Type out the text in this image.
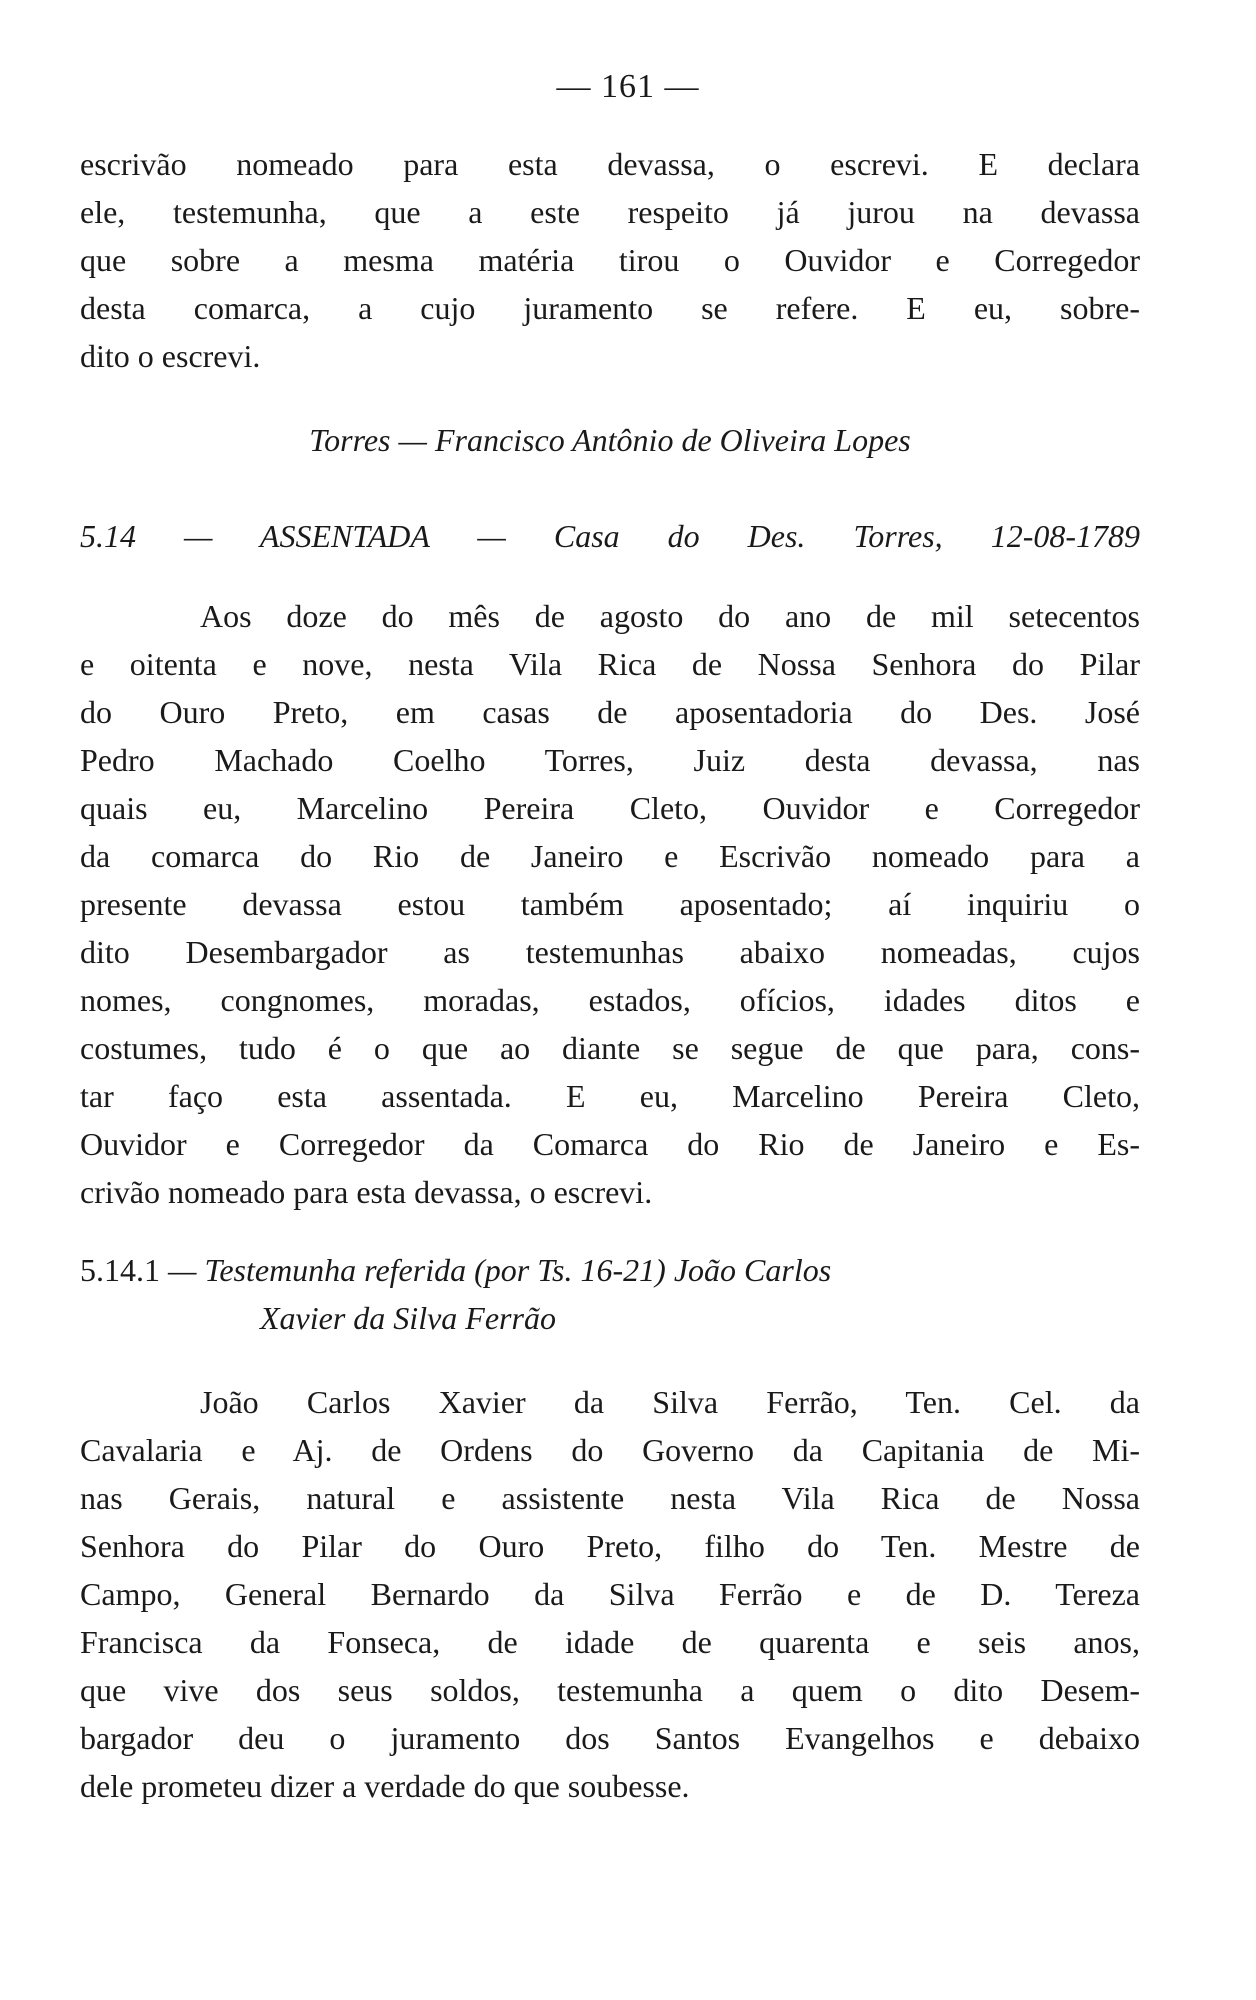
— 161 —
escrivão nomeado para esta devassa, o escrevi. E declara
ele, testemunha, que a este respeito já jurou na devassa
que sobre a mesma matéria tirou o Ouvidor e Corregedor
desta comarca, a cujo juramento se refere. E eu, sobre-
dito o escrevi.
Torres — Francisco Antônio de Oliveira Lopes
5.14 — ASSENTADA — Casa do Des. Torres, 12-08-1789
Aos doze do mês de agosto do ano de mil setecentos
e oitenta e nove, nesta Vila Rica de Nossa Senhora do Pilar
do Ouro Preto, em casas de aposentadoria do Des. José
Pedro Machado Coelho Torres, Juiz desta devassa, nas
quais eu, Marcelino Pereira Cleto, Ouvidor e Corregedor
da comarca do Rio de Janeiro e Escrivão nomeado para a
presente devassa estou também aposentado; aí inquiriu o
dito Desembargador as testemunhas abaixo nomeadas, cujos
nomes, congnomes, moradas, estados, ofícios, idades ditos e
costumes, tudo é o que ao diante se segue de que para, cons-
tar faço esta assentada. E eu, Marcelino Pereira Cleto,
Ouvidor e Corregedor da Comarca do Rio de Janeiro e Es-
crivão nomeado para esta devassa, o escrevi.
5.14.1 — Testemunha referida (por Ts. 16-21) João Carlos
Xavier da Silva Ferrão
João Carlos Xavier da Silva Ferrão, Ten. Cel. da
Cavalaria e Aj. de Ordens do Governo da Capitania de Mi-
nas Gerais, natural e assistente nesta Vila Rica de Nossa
Senhora do Pilar do Ouro Preto, filho do Ten. Mestre de
Campo, General Bernardo da Silva Ferrão e de D. Tereza
Francisca da Fonseca, de idade de quarenta e seis anos,
que vive dos seus soldos, testemunha a quem o dito Desem-
bargador deu o juramento dos Santos Evangelhos e debaixo
dele prometeu dizer a verdade do que soubesse.
